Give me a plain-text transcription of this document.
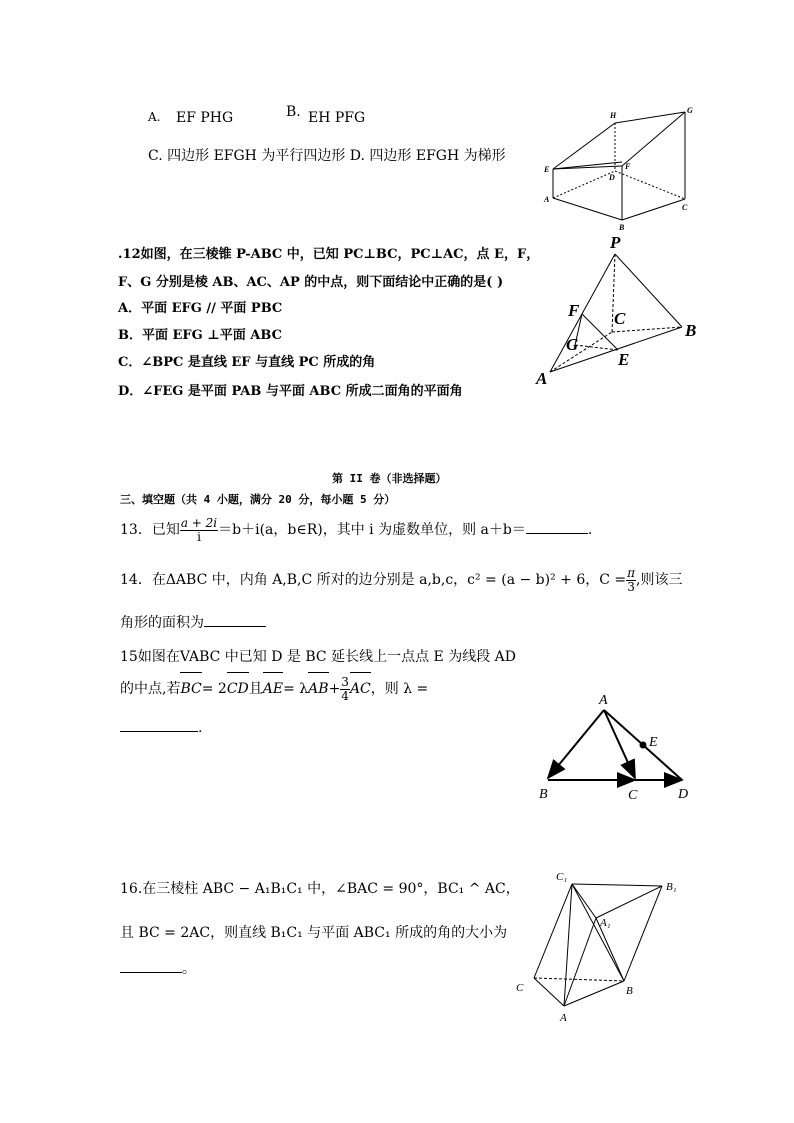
A. EF PHG	B. EH PFG
C. 四边形 EFGH 为平行四边形 D. 四边形 EFGH 为梯形
H
G
E	F
D
A
C
B
.12如图，在三棱锥 P-ABC 中，已知 PC⊥BC，PC⊥AC，点 E，F，
F、G 分别是棱 AB、AC、AP 的中点，则下面结论中正确的是( )
A．平面 EFG // 平面 PBC
B．平面 EFG ⊥平面 ABC
C．∠BPC 是直线 EF 与直线 PC 所成的角
D．∠FEG 是平面 PAB 与平面 ABC 所成二面角的平面角
P
F C
B
G
E
A
第 II 卷（非选择题）
三、填空题（共 4 小题，满分 20 分，每小题 5 分）
13．已知 $\frac{a + 2i}{i} =b+i(a$，b∈R)，其中 i 为虚数单位，则 a＋b＝	.
14．在ΔABC 中，内角 A,B,C 所对的边分别是 a,b,c，c² = (a − b)² + 6，$C = \frac{\pi}{3}$ ,则该三
角形的面积为
15如图在VABC 中已知 D 是 BC 延长线上一点点 E 为线段 AD
的中点,若BC= 2CD且$AE= \lambda AB+ \frac{3}{4}$ AC，则 λ =
.
A
E
B	C	D
16.在三棱柱 ABC − A₁B₁C₁ 中，∠BAC = 90°，BC₁ ^ AC，
且 BC = 2AC，则直线 B₁C₁ 与平面 ABC₁ 所成的角的大小为
。
C₁
B₁
A₁
C	B
A
